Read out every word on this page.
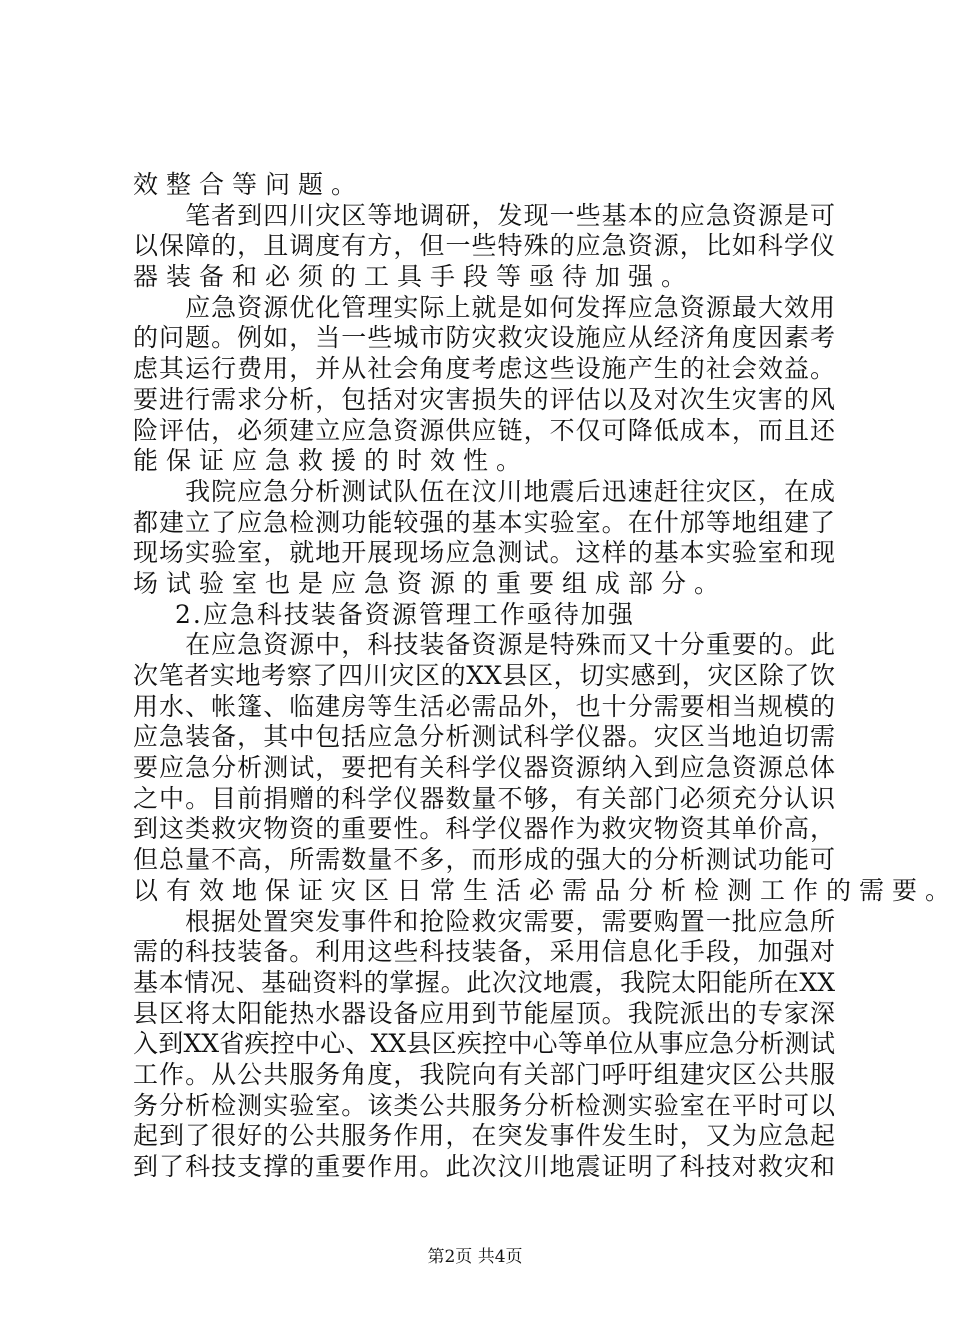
效整合等问题。
　　笔者到四川灾区等地调研，发现一些基本的应急资源是可
以保障的，且调度有方，但一些特殊的应急资源，比如科学仪
器装备和必须的工具手段等亟待加强。
　　应急资源优化管理实际上就是如何发挥应急资源最大效用
的问题。例如，当一些城市防灾救灾设施应从经济角度因素考
虑其运行费用，并从社会角度考虑这些设施产生的社会效益。
要进行需求分析，包括对灾害损失的评估以及对次生灾害的风
险评估，必须建立应急资源供应链，不仅可降低成本，而且还
能保证应急救援的时效性。
　　我院应急分析测试队伍在汶川地震后迅速赶往灾区，在成
都建立了应急检测功能较强的基本实验室。在什邡等地组建了
现场实验室，就地开展现场应急测试。这样的基本实验室和现
场试验室也是应急资源的重要组成部分。
2.应急科技装备资源管理工作亟待加强
　　在应急资源中，科技装备资源是特殊而又十分重要的。此
次笔者实地考察了四川灾区的XX县区，切实感到，灾区除了饮
用水、帐篷、临建房等生活必需品外，也十分需要相当规模的
应急装备，其中包括应急分析测试科学仪器。灾区当地迫切需
要应急分析测试，要把有关科学仪器资源纳入到应急资源总体
之中。目前捐赠的科学仪器数量不够，有关部门必须充分认识
到这类救灾物资的重要性。科学仪器作为救灾物资其单价高，
但总量不高，所需数量不多，而形成的强大的分析测试功能可
以有效地保证灾区日常生活必需品分析检测工作的需要。
　　根据处置突发事件和抢险救灾需要，需要购置一批应急所
需的科技装备。利用这些科技装备，采用信息化手段，加强对
基本情况、基础资料的掌握。此次汶地震，我院太阳能所在XX
县区将太阳能热水器设备应用到节能屋顶。我院派出的专家深
入到XX省疾控中心、XX县区疾控中心等单位从事应急分析测试
工作。从公共服务角度，我院向有关部门呼吁组建灾区公共服
务分析检测实验室。该类公共服务分析检测实验室在平时可以
起到了很好的公共服务作用，在突发事件发生时，又为应急起
到了科技支撑的重要作用。此次汶川地震证明了科技对救灾和
第2页 共4页
